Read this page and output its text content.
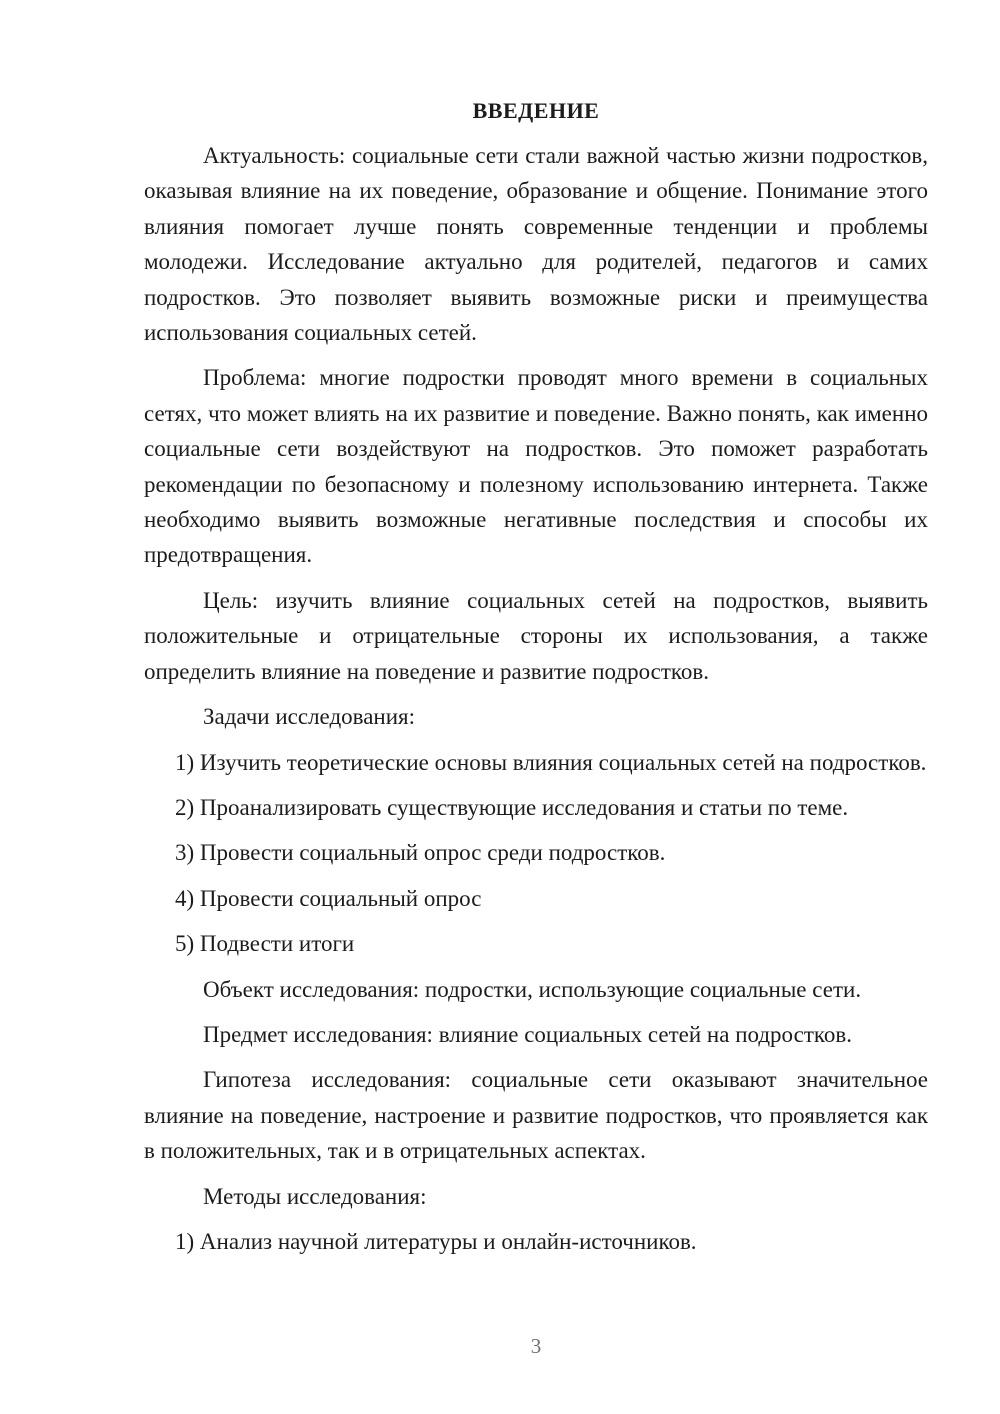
ВВЕДЕНИЕ
Актуальность: социальные сети стали важной частью жизни подростков, оказывая влияние на их поведение, образование и общение. Понимание этого влияния помогает лучше понять современные тенденции и проблемы молодежи. Исследование актуально для родителей, педагогов и самих подростков. Это позволяет выявить возможные риски и преимущества использования социальных сетей.
Проблема: многие подростки проводят много времени в социальных сетях, что может влиять на их развитие и поведение. Важно понять, как именно социальные сети воздействуют на подростков. Это поможет разработать рекомендации по безопасному и полезному использованию интернета. Также необходимо выявить возможные негативные последствия и способы их предотвращения.
Цель: изучить влияние социальных сетей на подростков, выявить положительные и отрицательные стороны их использования, а также определить влияние на поведение и развитие подростков.
Задачи исследования:
1) Изучить теоретические основы влияния социальных сетей на подростков.
2) Проанализировать существующие исследования и статьи по теме.
3) Провести социальный опрос среди подростков.
4) Провести социальный опрос
5) Подвести итоги
Объект исследования: подростки, использующие социальные сети.
Предмет исследования: влияние социальных сетей на подростков.
Гипотеза исследования: социальные сети оказывают значительное влияние на поведение, настроение и развитие подростков, что проявляется как в положительных, так и в отрицательных аспектах.
Методы исследования:
1) Анализ научной литературы и онлайн-источников.
3
